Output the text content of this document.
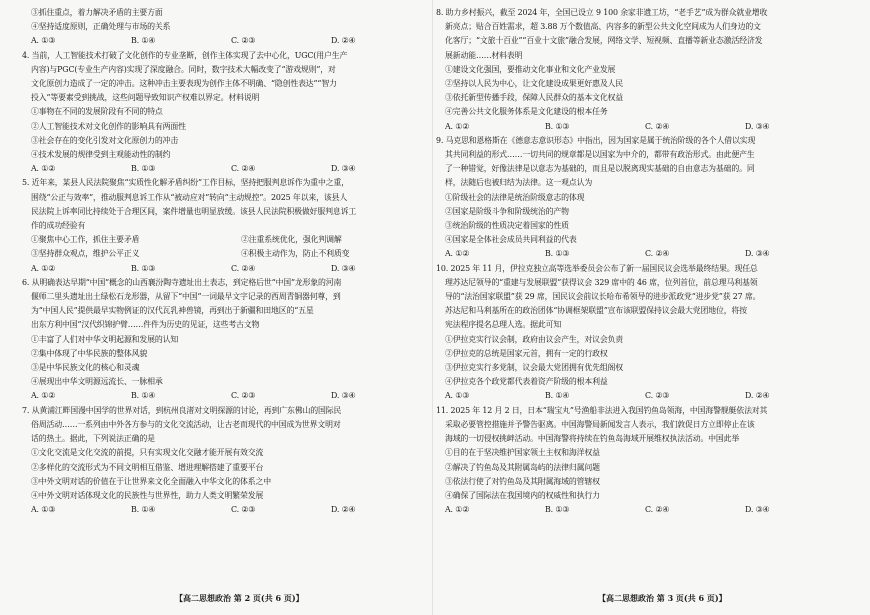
③抓住重点，着力解决矛盾的主要方面

④坚持适度原则，正确处理与市场的关系

A. ①③	B. ①④	C. ②③	D. ②④

4. 当前，人工智能技术打破了文化创作的专业垄断，创作主体实现了去中心化，UGC(用户生产

内容)与PGC(专业生产内容)实现了深度融合。同时，数字技术大幅改变了“游戏规则”，对

文化原创力造成了一定的冲击。这种冲击主要表现为创作主体不明确、“隐创性表达”“智力

投入”等要素受到挑战，这些问题导致知识产权难以界定。材料说明

①事物在不同的发展阶段有不同的特点

②人工智能技术对文化创作的影响具有两面性

③社会存在的变化引发对文化原创力的冲击

④技术发展的规律受到主观能动性的制约

A. ①②	B. ①③	C. ②④	D. ③④

5. 近年来，某县人民法院聚焦“实质性化解矛盾纠纷”工作目标，坚持把服判息诉作为重中之重，

围绕“公正与效率”，推动服判息诉工作从“被动应对”转向“主动规控”。2025 年以来，该县人

民法院上诉率同比持续处于合理区间，案件增量也明显放缓。该县人民法院积极做好服判息诉工

作的成功经验有

①聚焦中心工作，抓住主要矛盾	②注重系统优化，强化判调解
③坚持群众观点，维护公平正义	④积极主动作为，防止不利质变
A. ①②	B. ①③	C. ②④	D. ③④

6. 从明确表达早期“中国”概念的山西襄汾陶寺遗址出土表志，到定格后世“中国”龙形象的河南

偃师二里头遗址出土绿松石龙形器，从留下“中国”一词最早文字记录的西周青铜器何尊，到

为“中国人民”提供最早实物例证的汉代瓦乳神兽镜，再到出于新疆和田地区的“五星

出东方利中国”汉代织锦护臂……件件为历史的见证，这些考古文物

①丰富了人们对中华文明起源和发展的认知

②集中体现了中华民族的整体风貌

③是中华民族文化的核心和灵魂

④展现出中华文明源远流长、一脉相承

A. ①②	B. ①④	C. ②③	D. ③④

7. 从黄浦江畔国漫中国学的世界对话，到杭州良渚对文明探源的讨论，再到广东佛山的国际民

俗周活动……一系列由中外各方参与的文化交流活动，让古老而现代的中国成为世界文明对

话的热土。据此，下列说法正确的是

①文化交流是文化交流的前提，只有实现文化交融才能开展有效交流

②多样化的交流形式为不同文明相互借鉴、增进理解搭建了重要平台

③中外文明对话的价值在于让世界来文化全面融入中华文化的体系之中

④中外文明对话体现文化的民族性与世界性，助力人类文明繁荣发展

A. ①③	B. ①④	C. ②③	D. ②④
【高二思想政治 第 2 页(共 6 页)】

8. 助力乡村振兴，截至 2024 年，全国已设立 9 100 余家非遗工坊，“老手艺”成为群众就业增收

新亮点；贴合百姓需求，超 3.88 万个数值高、内容多的新型公共文化空间成为人们身边的文

化客厅；“文旅十百业”“百业十文旅”融合发展，网络文学、短视频、直播等新业态激活经济发

展新动能……材料表明

①建设文化强国，要推动文化事业和文化产业发展

②坚持以人民为中心，让文化建设成果更好惠及人民

③依托新型传播手段，保障人民群众的基本文化权益

④完善公共文化服务体系是文化建设的根本任务

A. ①②	B. ①③	C. ②④	D. ③④

9. 马克思和恩格斯在《德意志意识形态》中指出，因为国家是属于统治阶级的各个人借以实现

其共同利益的形式……一切共同的规章都是以国家为中介的，都带有政治形式。由此便产生

了一种错觉，好像法律是以意志为基础的，而且是以脱离现实基础的自由意志为基础的。同

样，法随后也被归结为法律。这一观点认为

①阶级社会的法律是统治阶级意志的体现

②国家是阶级斗争和阶级统治的产物

③统治阶级的性质决定着国家的性质

④国家是全体社会成员共同利益的代表

A. ①②	B. ①③	C. ②④	D. ③④

10. 2025 年 11 月，伊拉克独立高等选举委员会公布了新一届国民议会选举最终结果。现任总

理苏达尼领导的“重建与发展联盟”获得议会 329 席中的 46 席，位列首位，前总理马利基领

导的“法治国家联盟”获 29 席，国民议会前议长哈布希领导的进步派政党“进步党”获 27 席。

苏达尼和马利基所在的政治团体“协调框架联盟”宣布该联盟保持议会最大党团地位，将按

宪法程序提名总理人选。据此可知

①伊拉克实行议会制，政府由议会产生，对议会负责

②伊拉克的总统是国家元首，拥有一定的行政权

③伊拉克实行多党制，议会最大党团拥有优先组阁权

④伊拉克各个政党都代表着资产阶级的根本利益

A. ①③	B. ①④	C. ②③	D. ②④

11. 2025 年 12 月 2 日，日本“瑞宝丸”号渔船非法进入我国钓鱼岛领海，中国海警舰艇依法对其

采取必要管控措施并予警告驱离。中国海警局新闻发言人表示，我们敦促日方立即停止在该

海域的一切侵权挑衅活动。中国海警将持续在钓鱼岛海域开展维权执法活动。中国此举

①目的在于坚决维护国家领土主权和海洋权益

②解决了钓鱼岛及其附属岛屿的法律归属问题

③依法行使了对钓鱼岛及其附属海域的管辖权

④确保了国际法在我国境内的权威性和执行力

A. ①②	B. ①③	C. ②④	D. ③④
【高二思想政治 第 3 页(共 6 页)】
